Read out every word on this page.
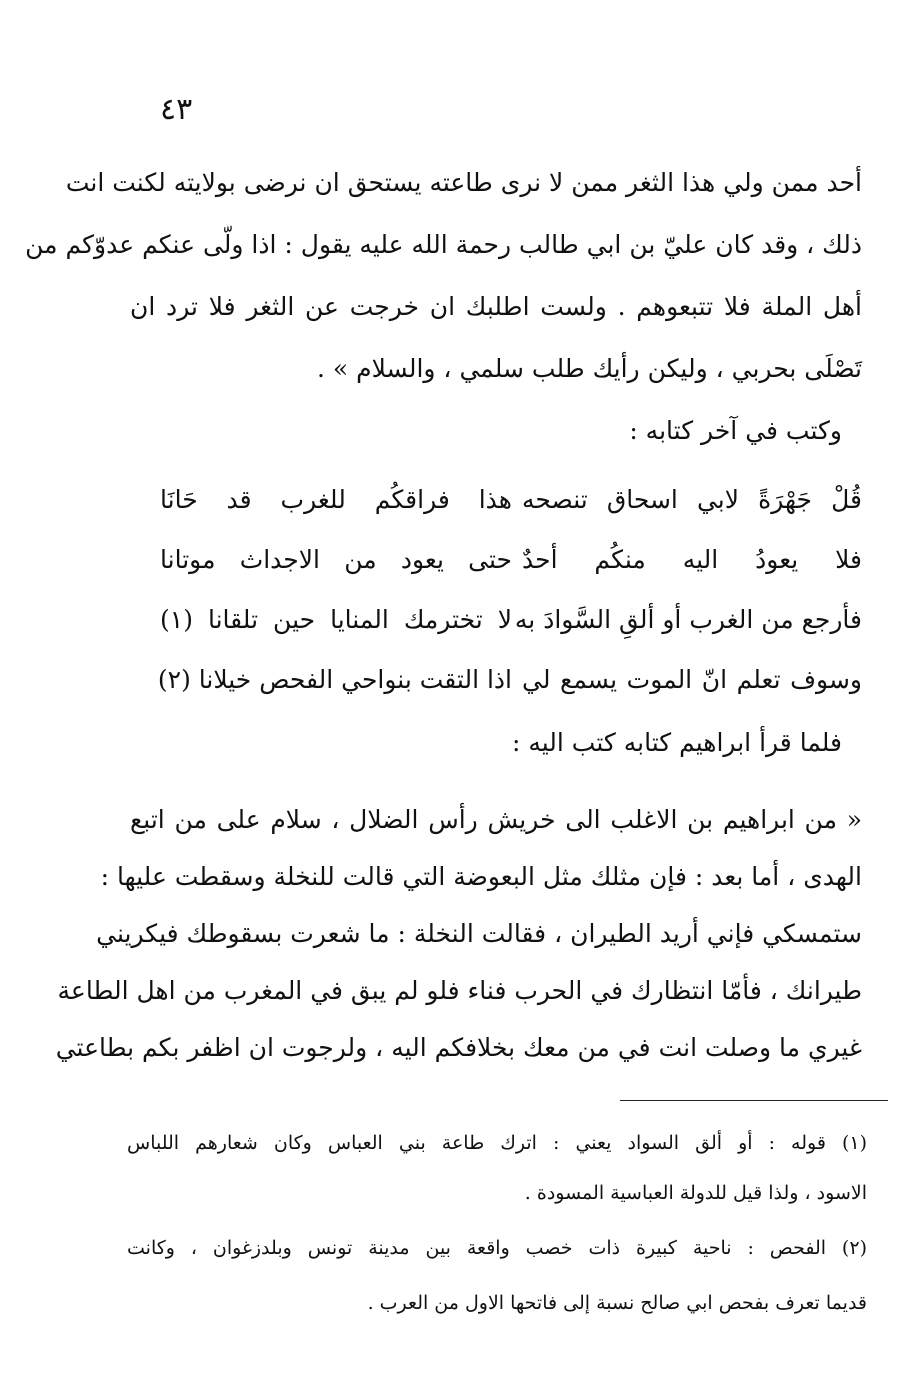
٤٣
أحد ممن ولي هذا الثغر ممن لا نرى طاعته يستحق ان نرضى بولايته لكنت انت
ذلك ، وقد كان عليّ بن ابي طالب رحمة الله عليه يقول : اذا ولّى عنكم عدوّكم من
أهل الملة فلا تتبعوهم . ولست اطلبك ان خرجت عن الثغر فلا ترد ان
تَصْلَى بحربي ، وليكن رأيك طلب سلمي ، والسلام » .
وكتب في آخر كتابه :
قُلْ جَهْرَةً لابي اسحاق تنصحه
هذا فراقكُم للغرب قد حَانَا
فلا يعودُ اليه منكُم أحدٌ
حتى يعود من الاجداث موتانا
فأرجع من الغرب أو ألقِ السَّوادَ به
لا تخترمك المنايا حين تلقانا (١)
وسوف تعلم انّ الموت يسمع لي
اذا التقت بنواحي الفحص خيلانا (٢)
فلما قرأ ابراهيم كتابه كتب اليه :
« من ابراهيم بن الاغلب الى خريش رأس الضلال ، سلام على من اتبع
الهدى ، أما بعد : فإن مثلك مثل البعوضة التي قالت للنخلة وسقطت عليها :
ستمسكي فإني أريد الطيران ، فقالت النخلة : ما شعرت بسقوطك فيكريني
طيرانك ، فأمّا انتظارك في الحرب فناء فلو لم يبق في المغرب من اهل الطاعة
غيري ما وصلت انت في من معك بخلافكم اليه ، ولرجوت ان اظفر بكم بطاعتي
(١) قوله : أو ألق السواد يعني : اترك طاعة بني العباس وكان شعارهم اللباس
الاسود ، ولذا قيل للدولة العباسية المسودة .
(٢) الفحص : ناحية كبيرة ذات خصب واقعة بين مدينة تونس وبلدزغوان ، وكانت
قديما تعرف بفحص ابي صالح نسبة إلى فاتحها الاول من العرب .
